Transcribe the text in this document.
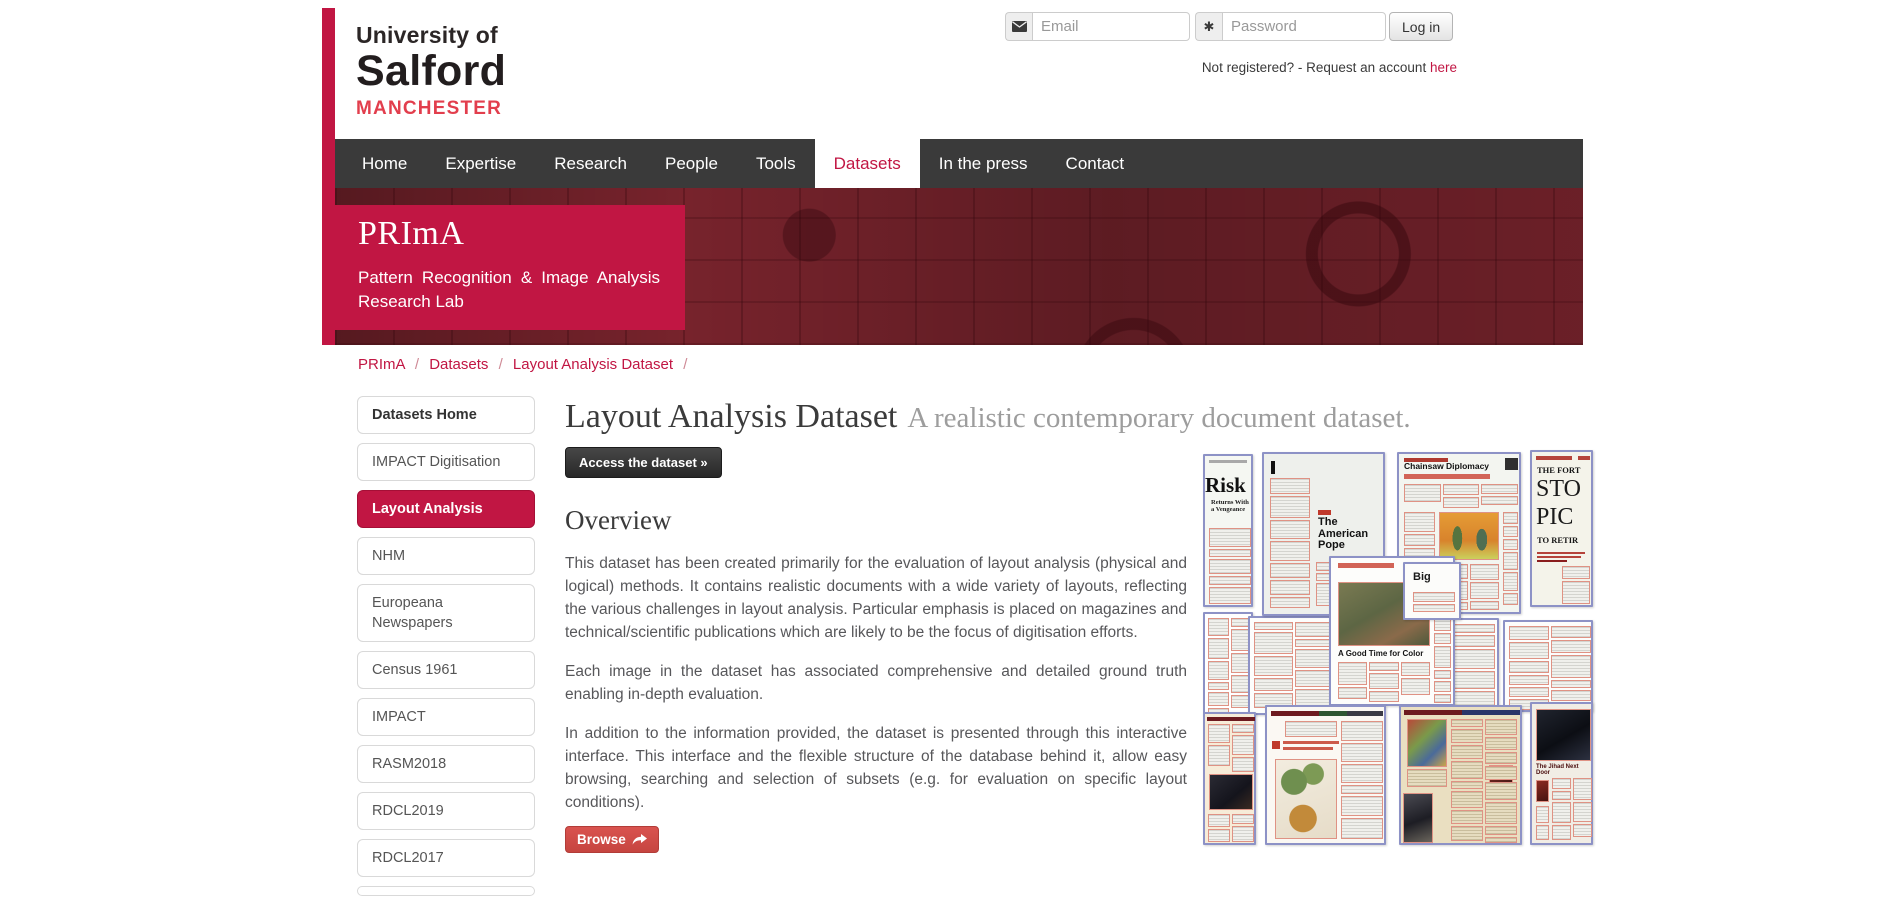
University of
Salford
MANCHESTER
Email
✱	Log in
Not registered? - Request an account here
Home	Expertise	Research	People	Tools	Datasets	In the press	Contact
PRImA
Pattern Recognition & Image Analysis Research Lab
PRImA / Datasets / Layout Analysis Dataset /
Datasets Home
IMPACT Digitisation
Layout Analysis
NHM
Europeana Newspapers
Census 1961
IMPACT
RASM2018
RDCL2019
RDCL2017
Layout Analysis Dataset A realistic contemporary document dataset.
Access the dataset »
Overview

This dataset has been created primarily for the evaluation of layout analysis (physical and logical) methods. It contains realistic documents with a wide variety of layouts, reflecting the various challenges in layout analysis. Particular emphasis is placed on magazines and technical/scientific publications which are likely to be the focus of digitisation efforts.

Each image in the dataset has associated comprehensive and detailed ground truth enabling in-depth evaluation.

In addition to the information provided, the dataset is presented through this interactive interface. This interface and the flexible structure of the database behind it, allow easy browsing, searching and selection of subsets (e.g. for evaluation on specific layout conditions).

Browse
Risk
Returns With a Vengeance
The American Pope
Chainsaw Diplomacy	THE FORT
STO
PIC
TO RETIR
Big
A Good Time for Color
The Jihad Next Door
